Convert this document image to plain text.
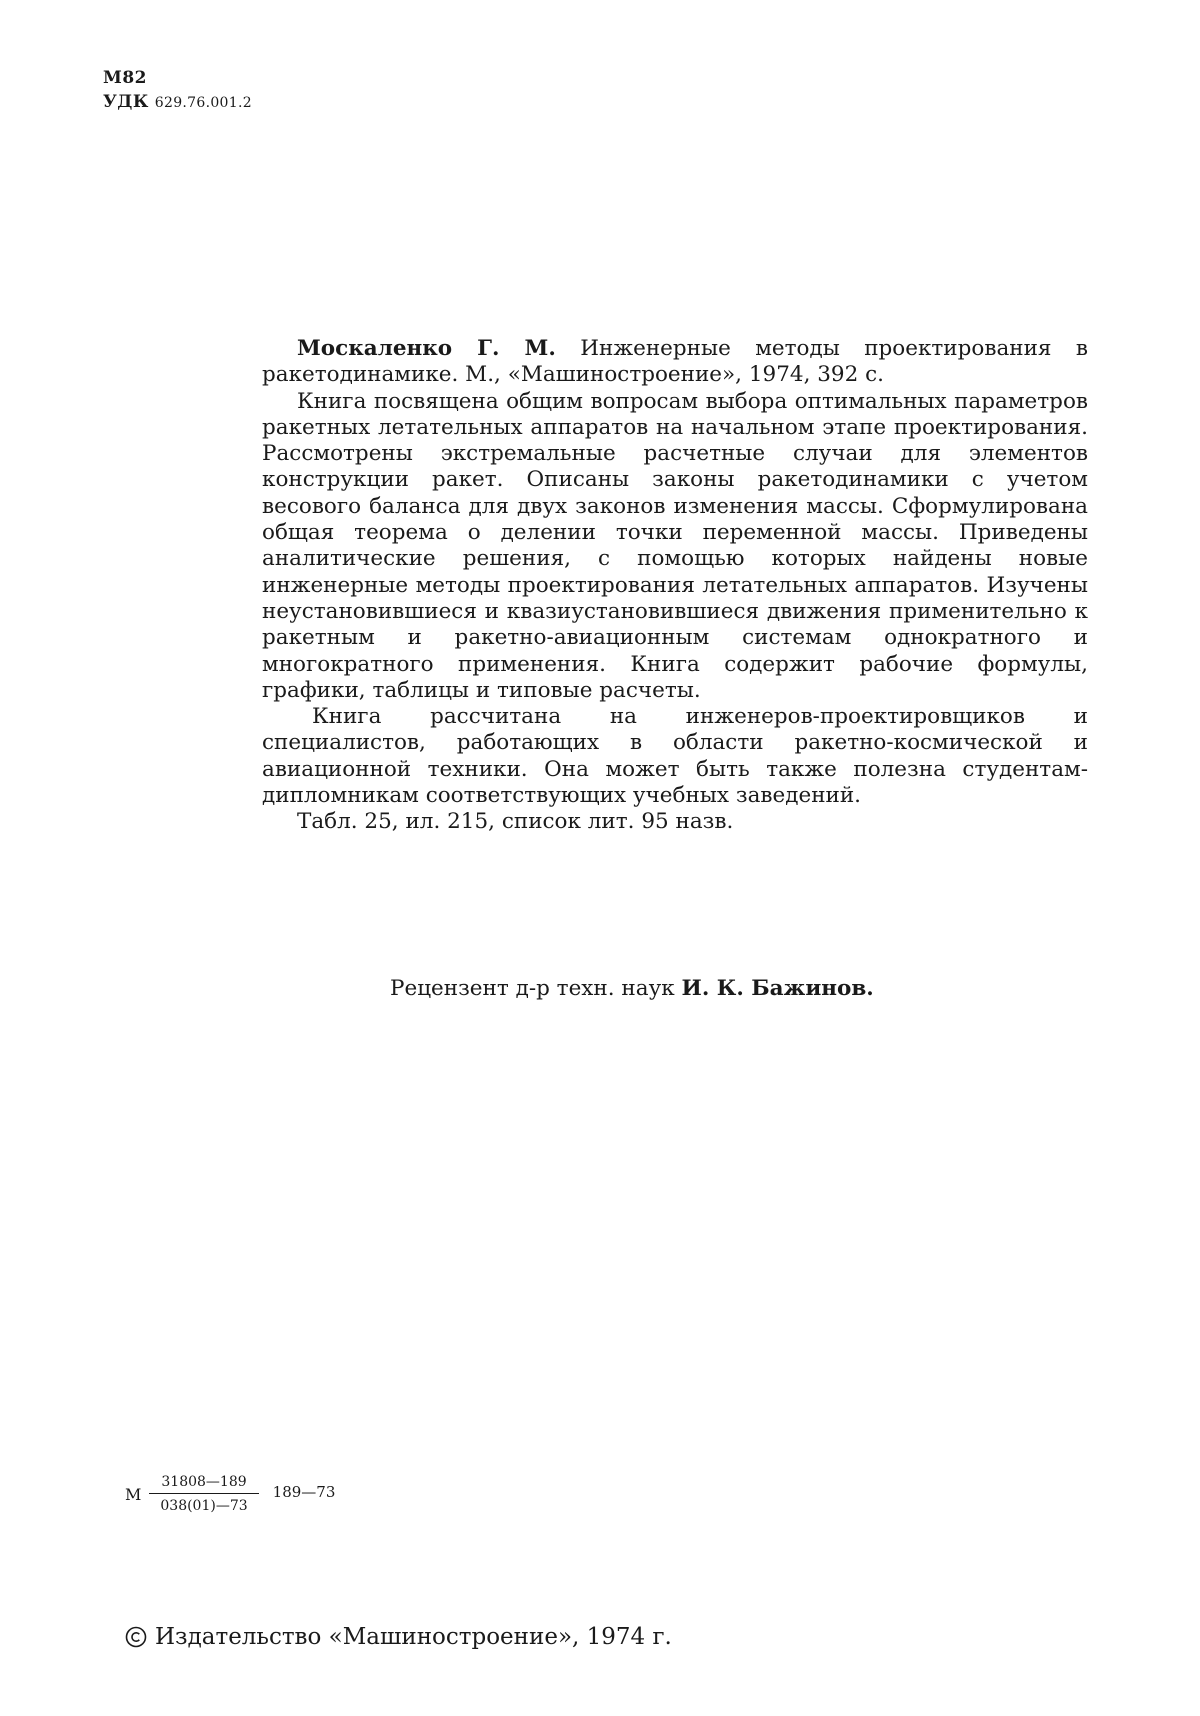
М82
УДК 629.76.001.2

Москаленко Г. М. Инженерные методы проектирования в ракетодинамике. М., «Машиностроение», 1974, 392 с.

Книга посвящена общим вопросам выбора оптимальных параметров ракетных летательных аппаратов на начальном этапе проектирования. Рассмотрены экстремальные расчетные случаи для элементов конструкции ракет. Описаны законы ракетодинамики с учетом весового баланса для двух законов изменения массы. Сформулирована общая теорема о делении точки переменной массы. Приведены аналитические решения, с помощью которых найдены новые инженерные методы проектирования летательных аппаратов. Изучены неустановившиеся и квазиустановившиеся движения применительно к ракетным и ракетно-авиационным системам однократного и многократного применения. Книга содержит рабочие формулы, графики, таблицы и типовые расчеты.

Книга рассчитана на инженеров-проектировщиков и специалистов, работающих в области ракетно-космической и авиационной техники. Она может быть также полезна студентам-дипломникам соответствующих учебных заведений.

Табл. 25, ил. 215, список лит. 95 назв.

Рецензент д-р техн. наук И. К. Бажинов.
М $\frac{31808—189}{038(01)—73}$ 189—73
Издательство «Машиностроение», 1974 г.
